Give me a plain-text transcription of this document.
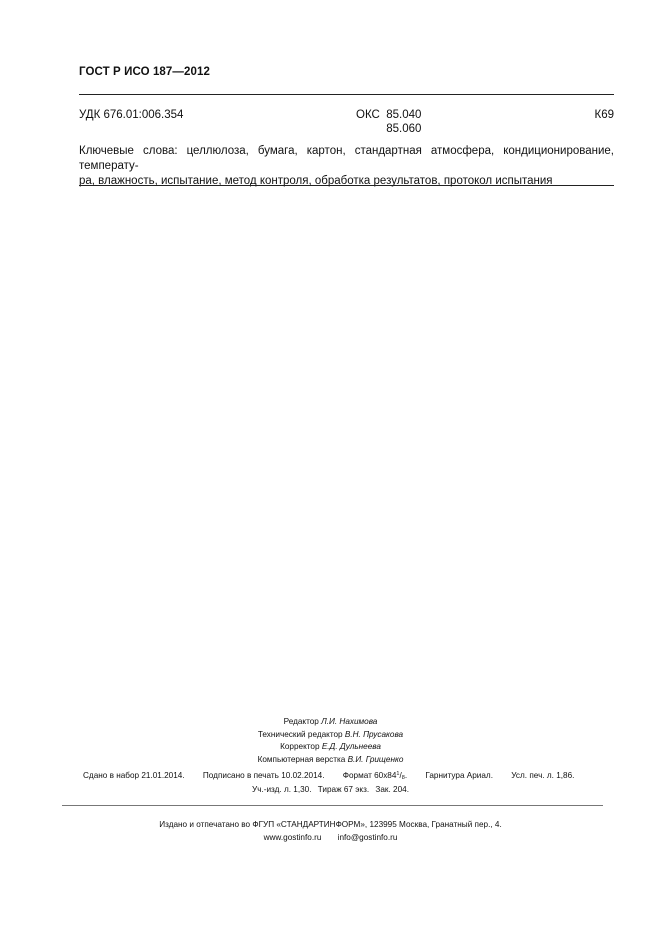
ГОСТ Р ИСО 187—2012
УДК 676.01:006.354	ОКС 85.040
85.060
К69
Ключевые слова: целлюлоза, бумага, картон, стандартная атмосфера, кондиционирование, температу-
ра, влажность, испытание, метод контроля, обработка результатов, протокол испытания
Редактор Л.И. Нахимова
Технический редактор В.Н. Прусакова
Корректор Е.Д. Дульнеева
Компьютерная верстка В.И. Грищенко
Сдано в набор 21.01.2014. Подписано в печать 10.02.2014. Формат $60х84^1/_8$. Гарнитура Ариал. Усл. печ. л. 1,86.
Уч.-изд. л. 1,30. Тираж 67 экз. Зак. 204.
Издано и отпечатано во ФГУП «СТАНДАРТИНФОРМ», 123995 Москва, Гранатный пер., 4.
www.gostinfo.ru info@gostinfo.ru
